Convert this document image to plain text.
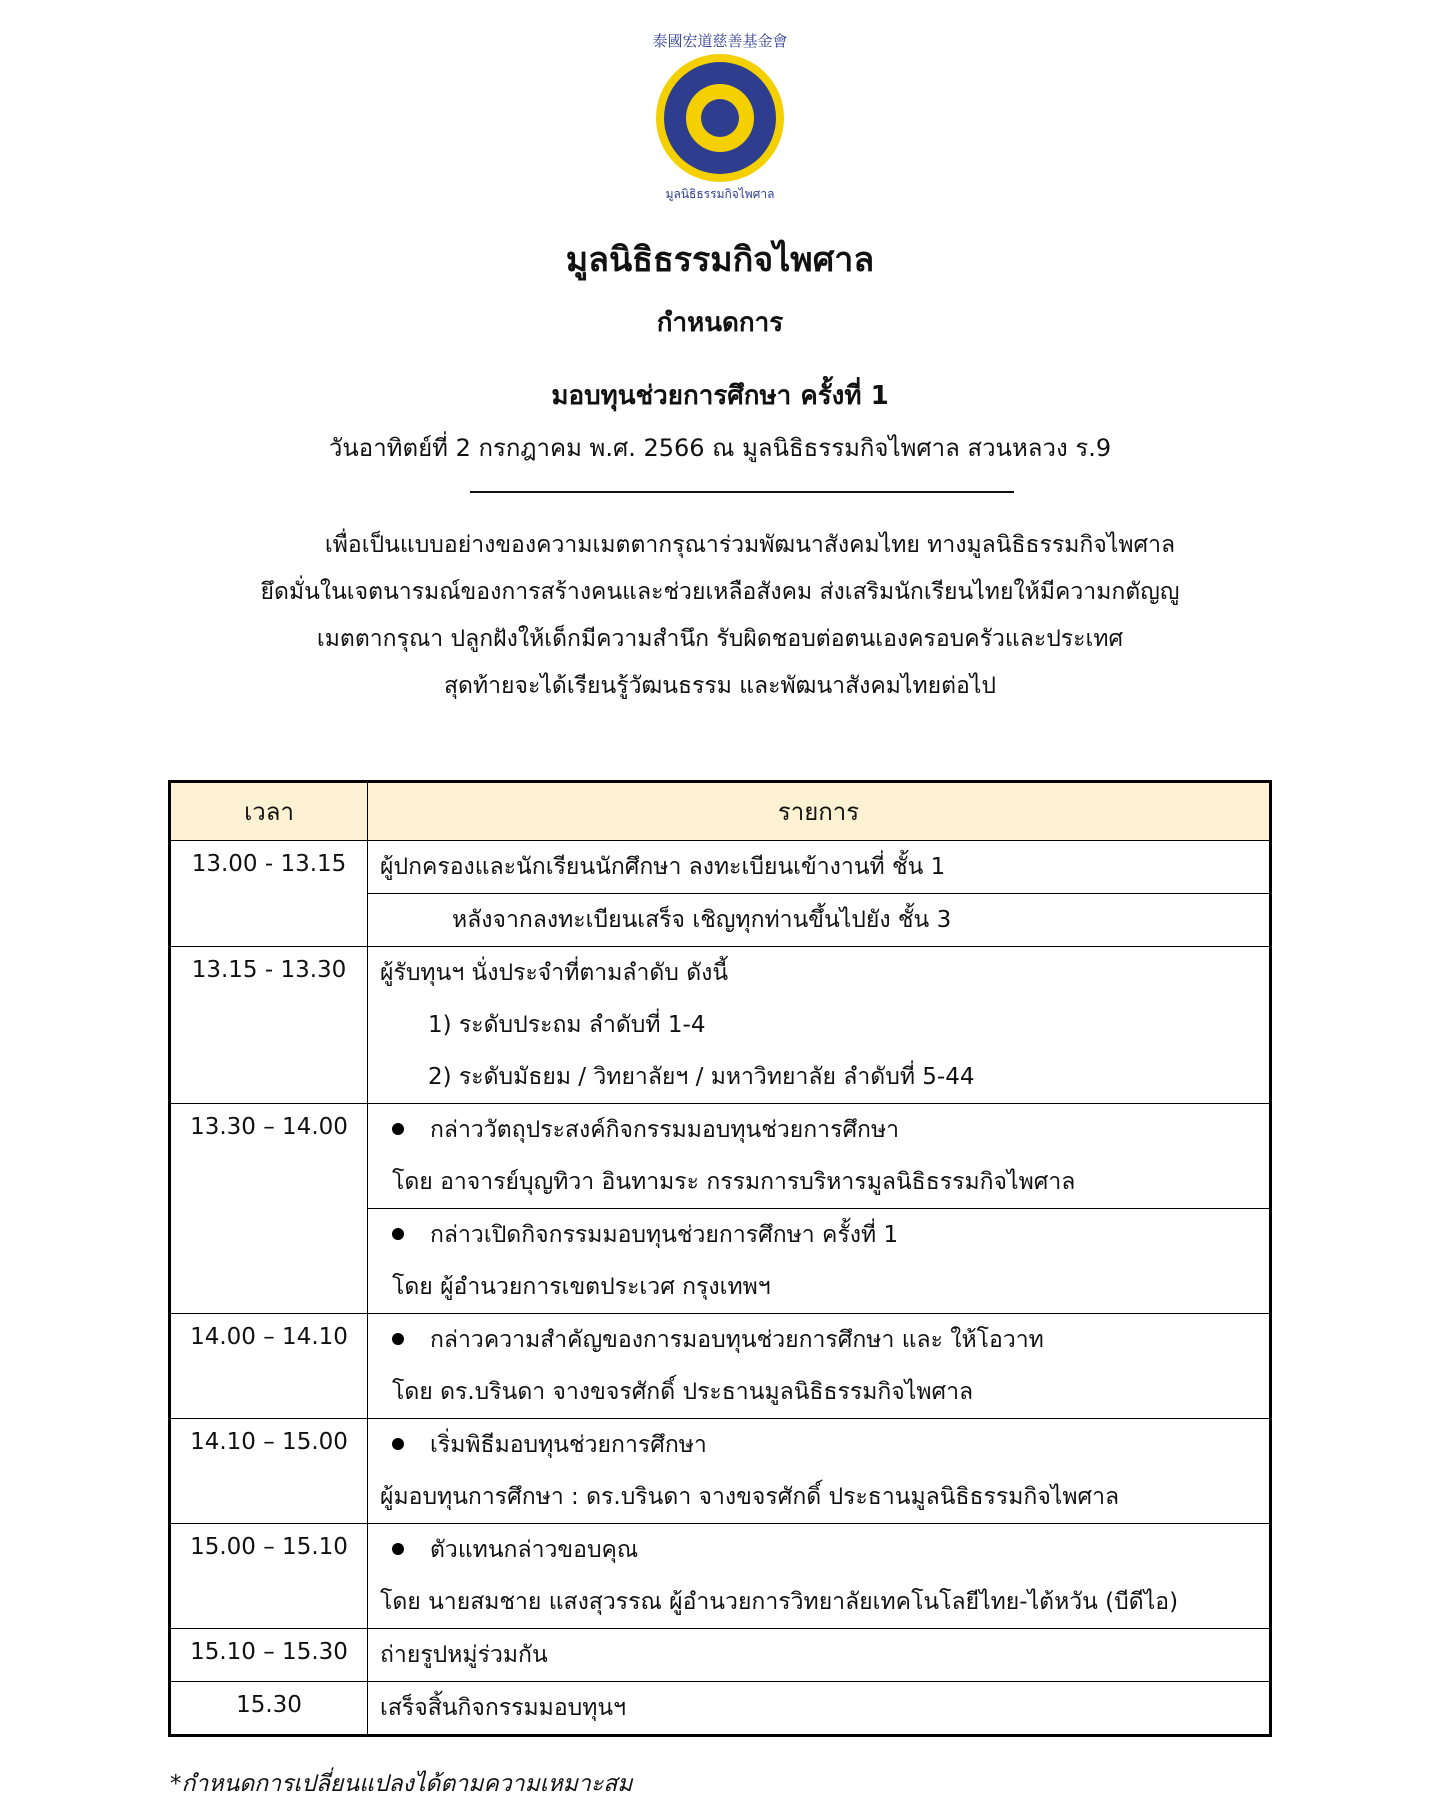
泰國宏道慈善基金會
มูลนิธิธรรมกิจไพศาล
มูลนิธิธรรมกิจไพศาล
กำหนดการ
มอบทุนช่วยการศึกษา ครั้งที่ 1
วันอาทิตย์ที่ 2 กรกฎาคม พ.ศ. 2566 ณ มูลนิธิธรรมกิจไพศาล สวนหลวง ร.9
เพื่อเป็นแบบอย่างของความเมตตากรุณาร่วมพัฒนาสังคมไทย ทางมูลนิธิธรรมกิจไพศาล
ยึดมั่นในเจตนารมณ์ของการสร้างคนและช่วยเหลือสังคม ส่งเสริมนักเรียนไทยให้มีความกตัญญู
เมตตากรุณา ปลูกฝังให้เด็กมีความสำนึก รับผิดชอบต่อตนเองครอบครัวและประเทศ
สุดท้ายจะได้เรียนรู้วัฒนธรรม และพัฒนาสังคมไทยต่อไป
เวลา	รายการ
13.00 - 13.15	ผู้ปกครองและนักเรียนนักศึกษา ลงทะเบียนเข้างานที่ ชั้น 1

	หลังจากลงทะเบียนเสร็จ เชิญทุกท่านขึ้นไปยัง ชั้น 3

13.15 - 13.30	ผู้รับทุนฯ นั่งประจำที่ตามลำดับ ดังนี้
1) ระดับประถม ลำดับที่ 1-4
2) ระดับมัธยม / วิทยาลัยฯ / มหาวิทยาลัย ลำดับที่ 5-44

13.30 – 14.00	กล่าววัตถุประสงค์กิจกรรมมอบทุนช่วยการศึกษา
โดย อาจารย์บุญทิวา อินทามระ กรรมการบริหารมูลนิธิธรรมกิจไพศาล

	กล่าวเปิดกิจกรรมมอบทุนช่วยการศึกษา ครั้งที่ 1
โดย ผู้อำนวยการเขตประเวศ กรุงเทพฯ

14.00 – 14.10	กล่าวความสำคัญของการมอบทุนช่วยการศึกษา และ ให้โอวาท
โดย ดร.บรินดา จางขจรศักดิ์ ประธานมูลนิธิธรรมกิจไพศาล

14.10 – 15.00	เริ่มพิธีมอบทุนช่วยการศึกษา
ผู้มอบทุนการศึกษา : ดร.บรินดา จางขจรศักดิ์ ประธานมูลนิธิธรรมกิจไพศาล

15.00 – 15.10	ตัวแทนกล่าวขอบคุณ
โดย นายสมชาย แสงสุวรรณ ผู้อำนวยการวิทยาลัยเทคโนโลยีไทย-ไต้หวัน (บีดีไอ)

15.10 – 15.30	ถ่ายรูปหมู่ร่วมกัน

15.30	เสร็จสิ้นกิจกรรมมอบทุนฯ
*กำหนดการเปลี่ยนแปลงได้ตามความเหมาะสม
